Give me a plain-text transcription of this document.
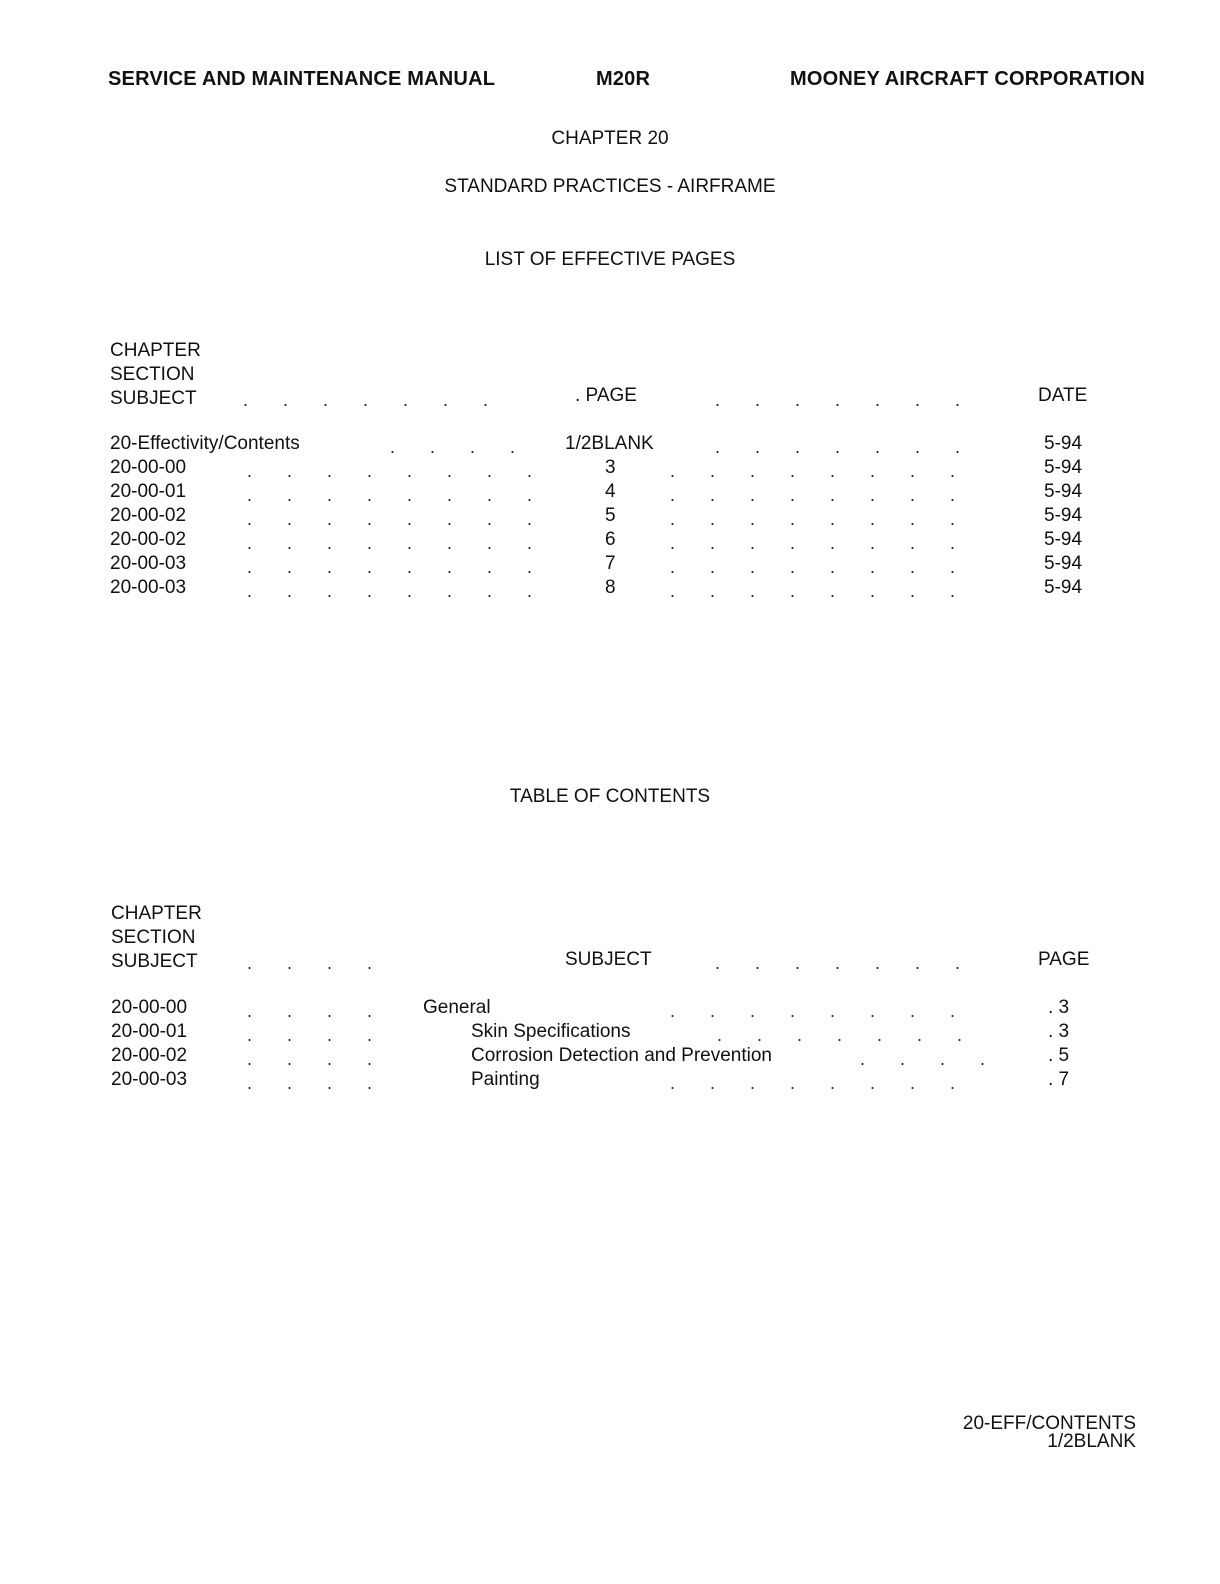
SERVICE AND MAINTENANCE MANUAL	M20R	MOONEY AIRCRAFT CORPORATION
CHAPTER 20
STANDARD PRACTICES - AIRFRAME
LIST OF EFFECTIVE PAGES
CHAPTER
SECTION
SUBJECT	.       .       .       .       .       .       .	. PAGE	.       .       .       .       .       .       .	DATE
20-Effectivity/Contents	.       .       .       .	1/2BLANK	.       .       .       .       .       .       .	5-94
20-00-00	.       .       .       .       .       .       .       .	3	.       .       .       .       .       .       .       .	5-94
20-00-01	.       .       .       .       .       .       .       .	4	.       .       .       .       .       .       .       .	5-94
20-00-02	.       .       .       .       .       .       .       .	5	.       .       .       .       .       .       .       .	5-94
20-00-02	.       .       .       .       .       .       .       .	6	.       .       .       .       .       .       .       .	5-94
20-00-03	.       .       .       .       .       .       .       .	7	.       .       .       .       .       .       .       .	5-94
20-00-03	.       .       .       .       .       .       .       .	8	.       .       .       .       .       .       .       .	5-94
TABLE OF CONTENTS
CHAPTER
SECTION
SUBJECT	.       .       .       .	SUBJECT	.       .       .       .       .       .       .	PAGE
20-00-00	.       .       .       .	General	.       .       .       .       .       .       .       .	. 3
20-00-01	.       .       .       .	Skin Specifications	.       .       .       .       .       .       .	. 3
20-00-02	.       .       .       .	Corrosion Detection and Prevention	.       .       .       .	. 5
20-00-03	.       .       .       .	Painting	.       .       .       .       .       .       .       .	. 7
20-EFF/CONTENTS
1/2BLANK
